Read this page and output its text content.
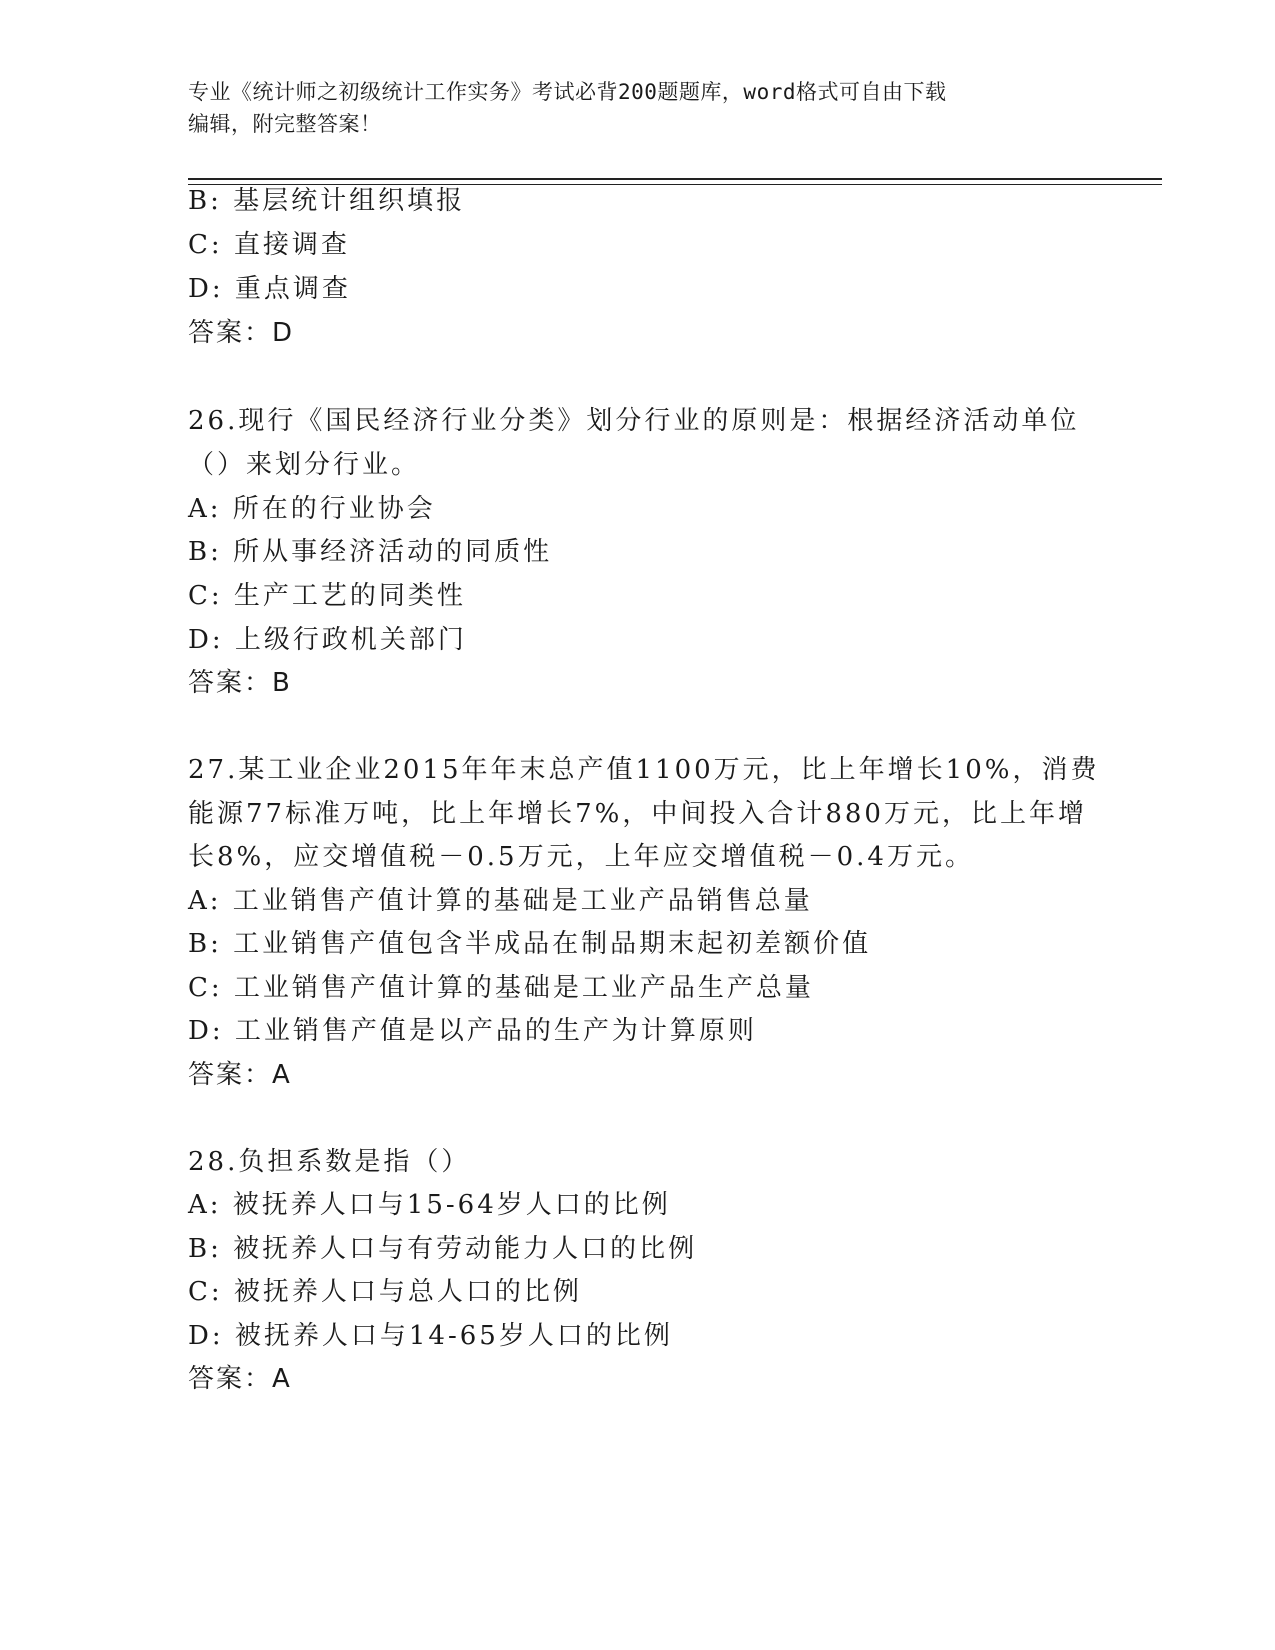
专业《统计师之初级统计工作实务》考试必背200题题库，word格式可自由下载
编辑，附完整答案！
B: 基层统计组织填报
C: 直接调查
D: 重点调查
答案：D
26.现行《国民经济行业分类》划分行业的原则是：根据经济活动单位
（）来划分行业。
A: 所在的行业协会
B: 所从事经济活动的同质性
C: 生产工艺的同类性
D: 上级行政机关部门
答案：B
27.某工业企业2015年年末总产值1100万元，比上年增长10%，消费
能源77标准万吨，比上年增长7%，中间投入合计880万元，比上年增
长8%，应交增值税－0.5万元，上年应交增值税－0.4万元。
A: 工业销售产值计算的基础是工业产品销售总量
B: 工业销售产值包含半成品在制品期末起初差额价值
C: 工业销售产值计算的基础是工业产品生产总量
D: 工业销售产值是以产品的生产为计算原则
答案：A
28.负担系数是指（）
A: 被抚养人口与15-64岁人口的比例
B: 被抚养人口与有劳动能力人口的比例
C: 被抚养人口与总人口的比例
D: 被抚养人口与14-65岁人口的比例
答案：A
